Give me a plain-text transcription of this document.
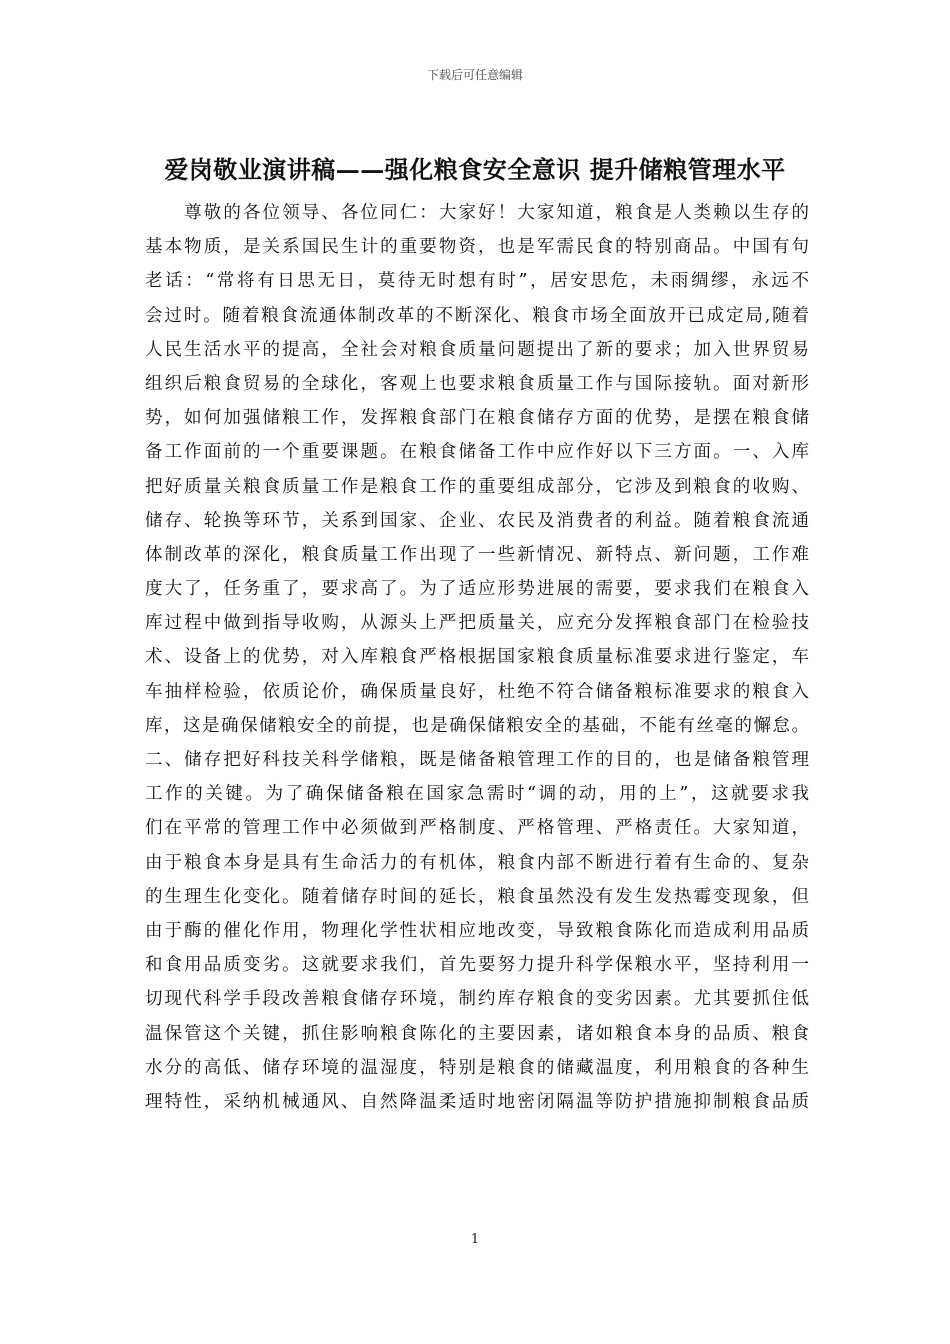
下载后可任意编辑
爱岗敬业演讲稿——强化粮食安全意识 提升储粮管理水平
　　尊敬的各位领导、各位同仁：大家好！大家知道，粮食是人类赖以生存的
基本物质，是关系国民生计的重要物资，也是军需民食的特别商品。中国有句
老话：“常将有日思无日，莫待无时想有时”，居安思危，未雨绸缪，永远不
会过时。随着粮食流通体制改革的不断深化、粮食市场全面放开已成定局,随着
人民生活水平的提高，全社会对粮食质量问题提出了新的要求；加入世界贸易
组织后粮食贸易的全球化，客观上也要求粮食质量工作与国际接轨。面对新形
势，如何加强储粮工作，发挥粮食部门在粮食储存方面的优势，是摆在粮食储
备工作面前的一个重要课题。在粮食储备工作中应作好以下三方面。一、入库
把好质量关粮食质量工作是粮食工作的重要组成部分，它涉及到粮食的收购、
储存、轮换等环节，关系到国家、企业、农民及消费者的利益。随着粮食流通
体制改革的深化，粮食质量工作出现了一些新情况、新特点、新问题，工作难
度大了，任务重了，要求高了。为了适应形势进展的需要，要求我们在粮食入
库过程中做到指导收购，从源头上严把质量关，应充分发挥粮食部门在检验技
术、设备上的优势，对入库粮食严格根据国家粮食质量标准要求进行鉴定，车
车抽样检验，依质论价，确保质量良好，杜绝不符合储备粮标准要求的粮食入
库，这是确保储粮安全的前提，也是确保储粮安全的基础，不能有丝毫的懈怠。
二、储存把好科技关科学储粮，既是储备粮管理工作的目的，也是储备粮管理
工作的关键。为了确保储备粮在国家急需时“调的动，用的上”，这就要求我
们在平常的管理工作中必须做到严格制度、严格管理、严格责任。大家知道，
由于粮食本身是具有生命活力的有机体，粮食内部不断进行着有生命的、复杂
的生理生化变化。随着储存时间的延长，粮食虽然没有发生发热霉变现象，但
由于酶的催化作用，物理化学性状相应地改变，导致粮食陈化而造成利用品质
和食用品质变劣。这就要求我们，首先要努力提升科学保粮水平，坚持利用一
切现代科学手段改善粮食储存环境，制约库存粮食的变劣因素。尤其要抓住低
温保管这个关键，抓住影响粮食陈化的主要因素，诸如粮食本身的品质、粮食
水分的高低、储存环境的温湿度，特别是粮食的储藏温度，利用粮食的各种生
理特性，采纳机械通风、自然降温柔适时地密闭隔温等防护措施抑制粮食品质
1
